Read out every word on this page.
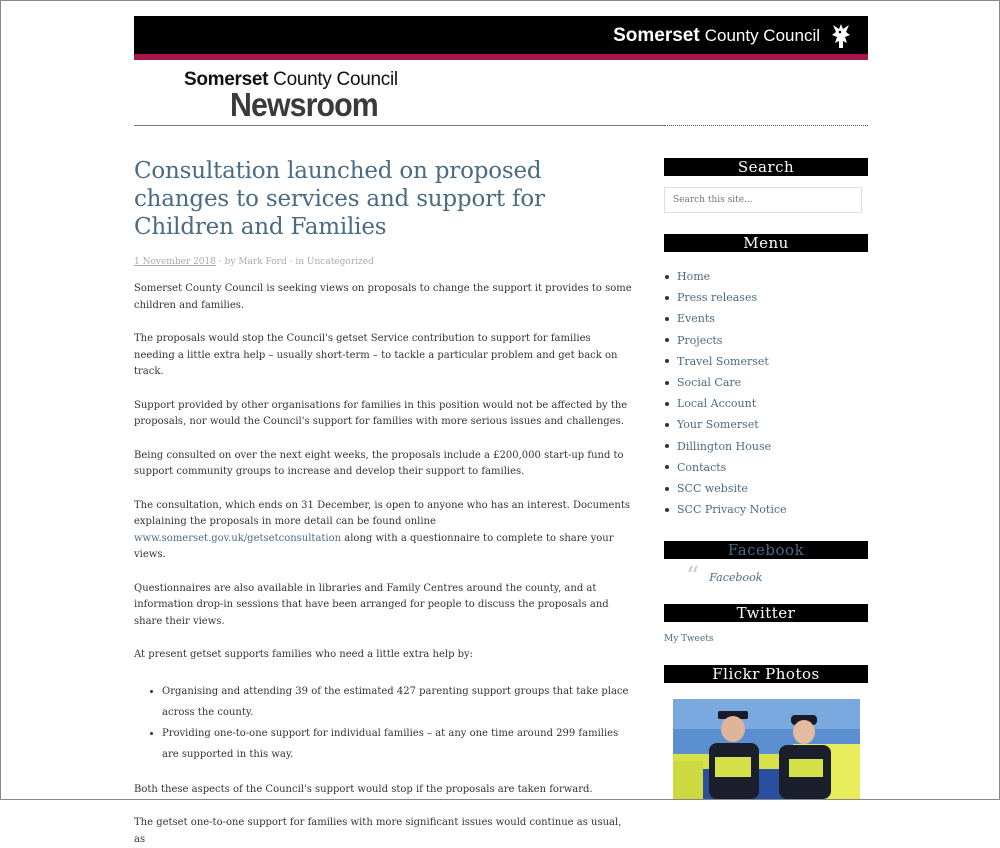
Somerset County Council
Somerset County Council
Newsroom
Consultation launched on proposed changes to services and support for Children and Families
1 November 2018 · by Mark Ford · in Uncategorized

Somerset County Council is seeking views on proposals to change the support it provides to some children and families.

The proposals would stop the Council's getset Service contribution to support for families needing a little extra help – usually short-term – to tackle a particular problem and get back on track.

Support provided by other organisations for families in this position would not be affected by the proposals, nor would the Council's support for families with more serious issues and challenges.

Being consulted on over the next eight weeks, the proposals include a £200,000 start-up fund to support community groups to increase and develop their support to families.

The consultation, which ends on 31 December, is open to anyone who has an interest. Documents explaining the proposals in more detail can be found online www.somerset.gov.uk/getsetconsultation along with a questionnaire to complete to share your views.

Questionnaires are also available in libraries and Family Centres around the county, and at information drop-in sessions that have been arranged for people to discuss the proposals and share their views.

At present getset supports families who need a little extra help by:

• Organising and attending 39 of the estimated 427 parenting support groups that take place across the county.
• Providing one-to-one support for individual families – at any one time around 299 families are supported in this way.

Both these aspects of the Council's support would stop if the proposals are taken forward.

The getset one-to-one support for families with more significant issues would continue as usual, as

Search
Search this site...
Menu
Home
Press releases
Events
Projects
Travel Somerset
Social Care
Local Account
Your Somerset
Dillington House
Contacts
SCC website
SCC Privacy Notice
Facebook
“ Facebook
Twitter
My Tweets
Flickr Photos
